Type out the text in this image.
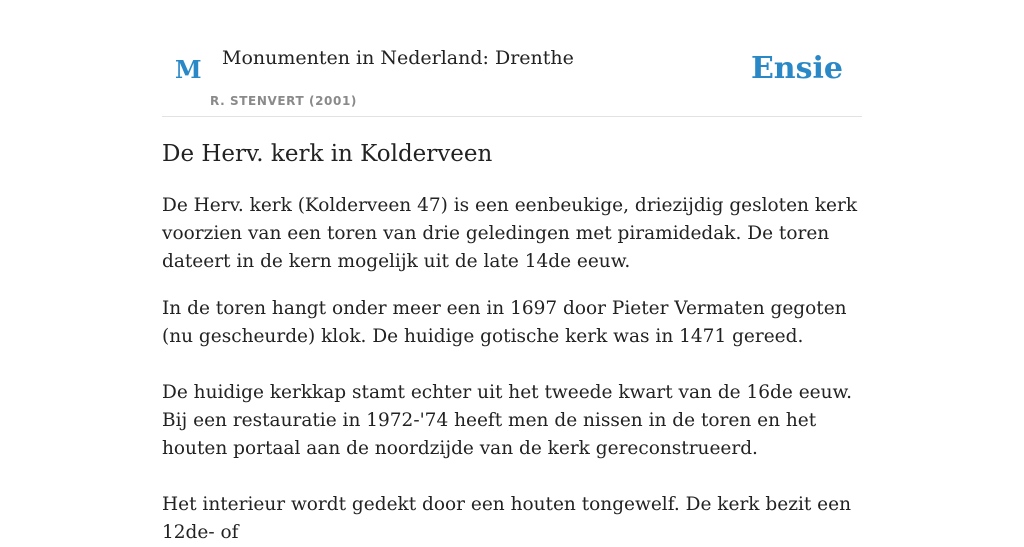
M Monumenten in Nederland: Drenthe
R. STENVERT (2001)
Ensie
De Herv. kerk in Kolderveen

De Herv. kerk (Kolderveen 47) is een eenbeukige, driezijdig gesloten kerk voorzien van een toren van drie geledingen met piramidedak. De toren dateert in de kern mogelijk uit de late 14de eeuw.

In de toren hangt onder meer een in 1697 door Pieter Vermaten gegoten (nu gescheurde) klok. De huidige gotische kerk was in 1471 gereed.

De huidige kerkkap stamt echter uit het tweede kwart van de 16de eeuw. Bij een restauratie in 1972-'74 heeft men de nissen in de toren en het houten portaal aan de noordzijde van de kerk gereconstrueerd.

Het interieur wordt gedekt door een houten tongewelf. De kerk bezit een 12de- of
